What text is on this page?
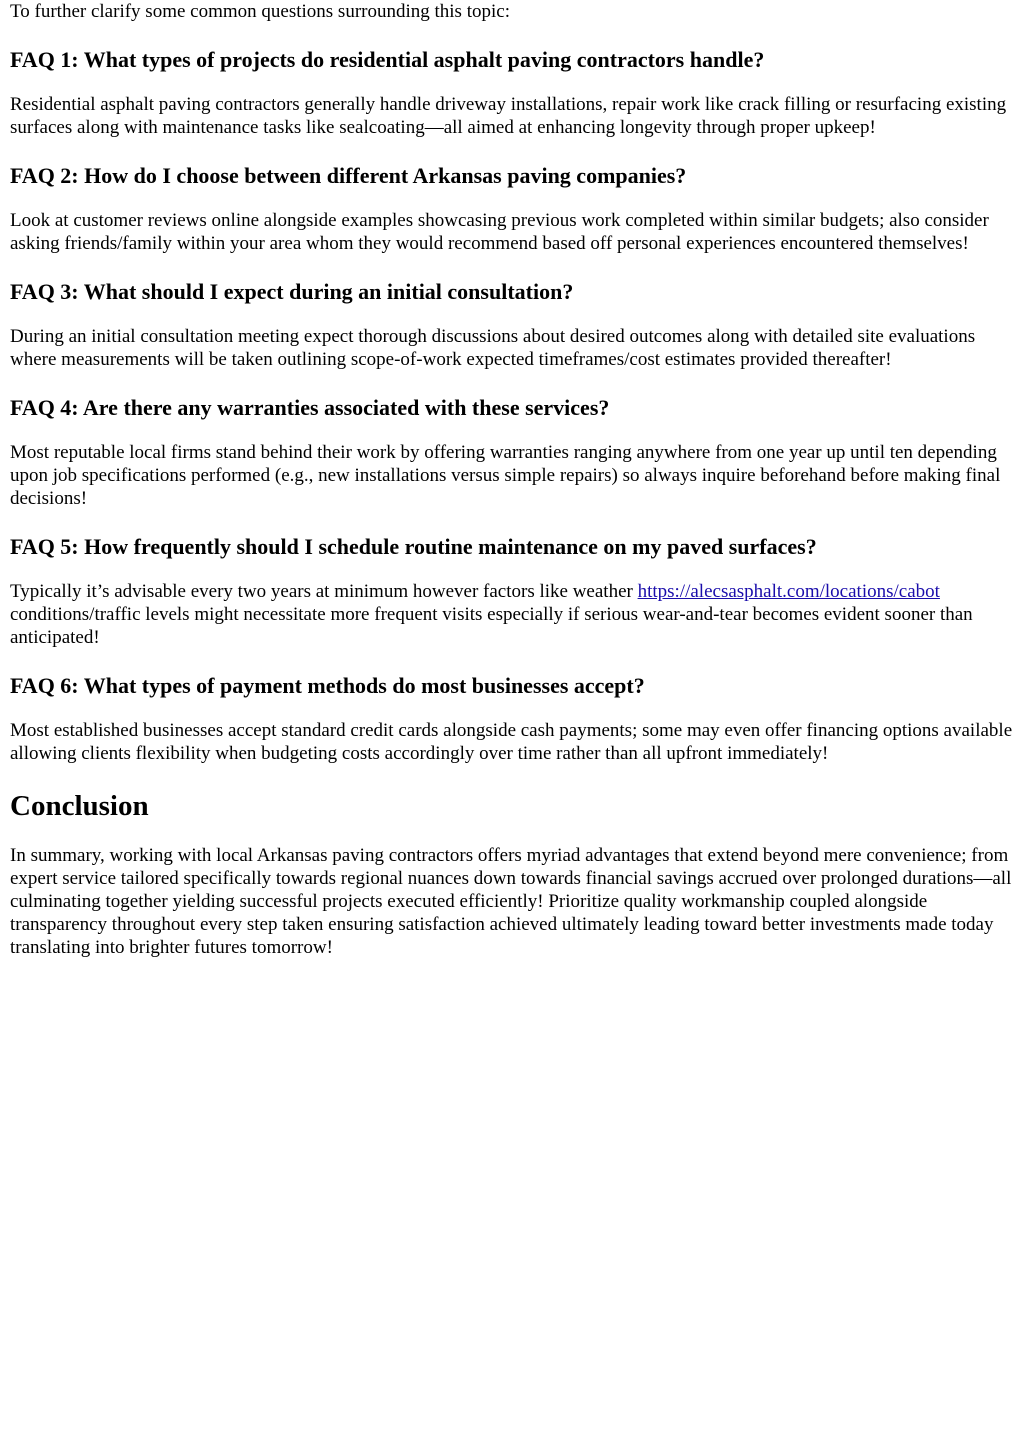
To further clarify some common questions surrounding this topic:

FAQ 1: What types of projects do residential asphalt paving contractors handle?

Residential asphalt paving contractors generally handle driveway installations, repair work like crack filling or resurfacing existing surfaces along with maintenance tasks like sealcoating—all aimed at enhancing longevity through proper upkeep!

FAQ 2: How do I choose between different Arkansas paving companies?

Look at customer reviews online alongside examples showcasing previous work completed within similar budgets; also consider asking friends/family within your area whom they would recommend based off personal experiences encountered themselves!

FAQ 3: What should I expect during an initial consultation?

During an initial consultation meeting expect thorough discussions about desired outcomes along with detailed site evaluations where measurements will be taken outlining scope-of-work expected timeframes/cost estimates provided thereafter!

FAQ 4: Are there any warranties associated with these services?

Most reputable local firms stand behind their work by offering warranties ranging anywhere from one year up until ten depending upon job specifications performed (e.g., new installations versus simple repairs) so always inquire beforehand before making final decisions!

FAQ 5: How frequently should I schedule routine maintenance on my paved surfaces?

Typically it’s advisable every two years at minimum however factors like weather https://alecsasphalt.com/locations/cabot conditions/traffic levels might necessitate more frequent visits especially if serious wear-and-tear becomes evident sooner than anticipated!

FAQ 6: What types of payment methods do most businesses accept?

Most established businesses accept standard credit cards alongside cash payments; some may even offer financing options available allowing clients flexibility when budgeting costs accordingly over time rather than all upfront immediately!

Conclusion

In summary, working with local Arkansas paving contractors offers myriad advantages that extend beyond mere convenience; from expert service tailored specifically towards regional nuances down towards financial savings accrued over prolonged durations—all culminating together yielding successful projects executed efficiently! Prioritize quality workmanship coupled alongside transparency throughout every step taken ensuring satisfaction achieved ultimately leading toward better investments made today translating into brighter futures tomorrow!
